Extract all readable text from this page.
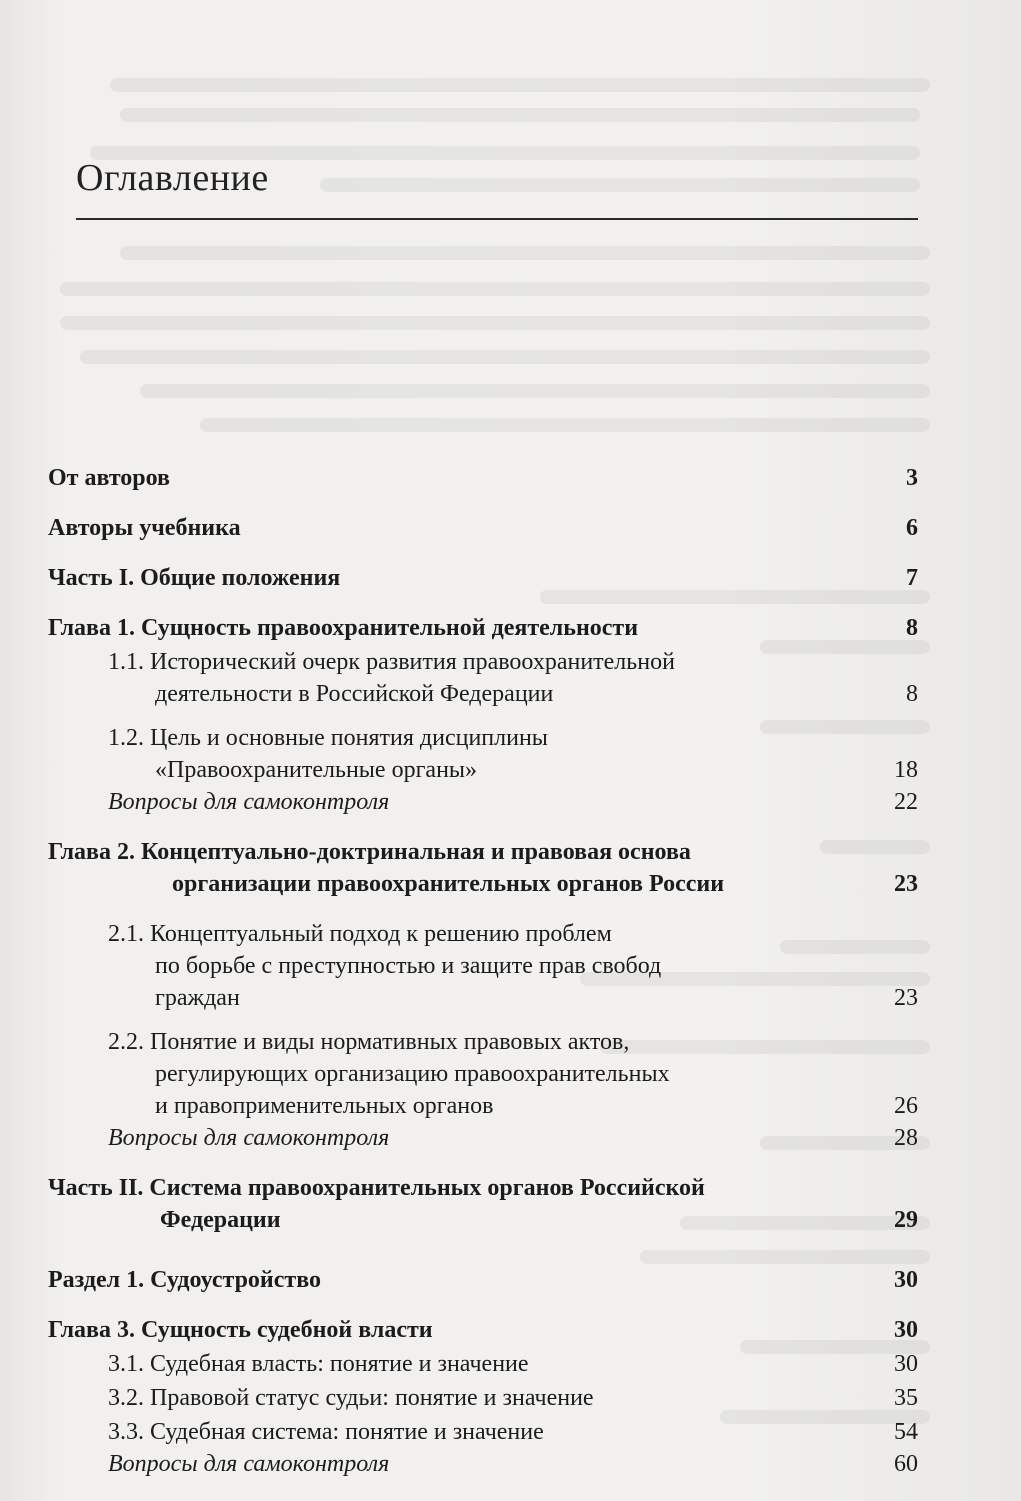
Оглавление
От авторов	3
Авторы учебника	6
Часть I. Общие положения	7
Глава 1. Сущность правоохранительной деятельности	8
1.1. Исторический очерк развития правоохранительной
деятельности в Российской Федерации	8
1.2. Цель и основные понятия дисциплины
«Правоохранительные органы»	18
Вопросы для самоконтроля	22
Глава 2. Концептуально-доктринальная и правовая основа
организации правоохранительных органов России	23
2.1. Концептуальный подход к решению проблем
по борьбе с преступностью и защите прав свобод
граждан	23
2.2. Понятие и виды нормативных правовых актов,
регулирующих организацию правоохранительных
и правоприменительных органов	26
Вопросы для самоконтроля	28
Часть II. Система правоохранительных органов Российской
Федерации	29
Раздел 1. Судоустройство	30
Глава 3. Сущность судебной власти	30
3.1. Судебная власть: понятие и значение	30
3.2. Правовой статус судьи: понятие и значение	35
3.3. Судебная система: понятие и значение	54
Вопросы для самоконтроля	60
